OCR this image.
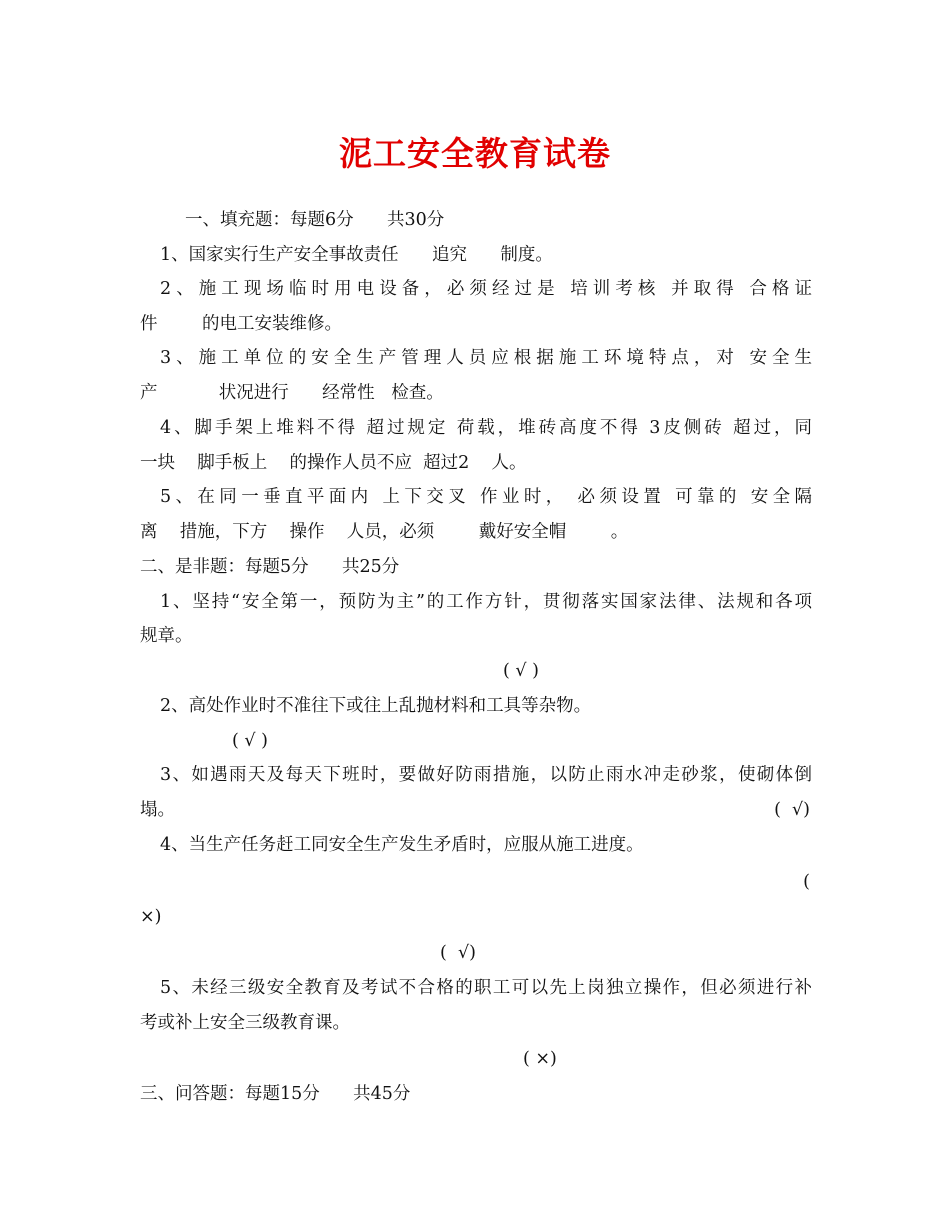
泥工安全教育试卷
一、填充题：每题6分      共30分
1、国家实行生产安全事故责任      追究      制度。
2、施工现场临时用电设备，必须经过是 培训考核 并取得 合格证
件        的电工安装维修。
3、施工单位的安全生产管理人员应根据施工环境特点，对 安全生
产           状况进行      经常性   检查。
4、脚手架上堆料不得 超过规定 荷载，堆砖高度不得 3皮侧砖 超过，同
一块    脚手板上    的操作人员不应  超过2    人。
5、在同一垂直平面内 上下交叉 作业时， 必须设置 可靠的 安全隔
离    措施，下方    操作    人员，必须        戴好安全帽        。
二、是非题：每题5分      共25分
1、坚持“安全第一，预防为主”的工作方针，贯彻落实国家法律、法规和各项
规章。
( √ )
2、高处作业时不准往下或往上乱抛材料和工具等杂物。
( √ )
3、如遇雨天及每天下班时，要做好防雨措施，以防止雨水冲走砂浆，使砌体倒
塌。	(  √)
4、当生产任务赶工同安全生产发生矛盾时，应服从施工进度。
(
×)
(  √)
5、未经三级安全教育及考试不合格的职工可以先上岗独立操作，但必须进行补
考或补上安全三级教育课。
( ×)
三、问答题：每题15分      共45分
